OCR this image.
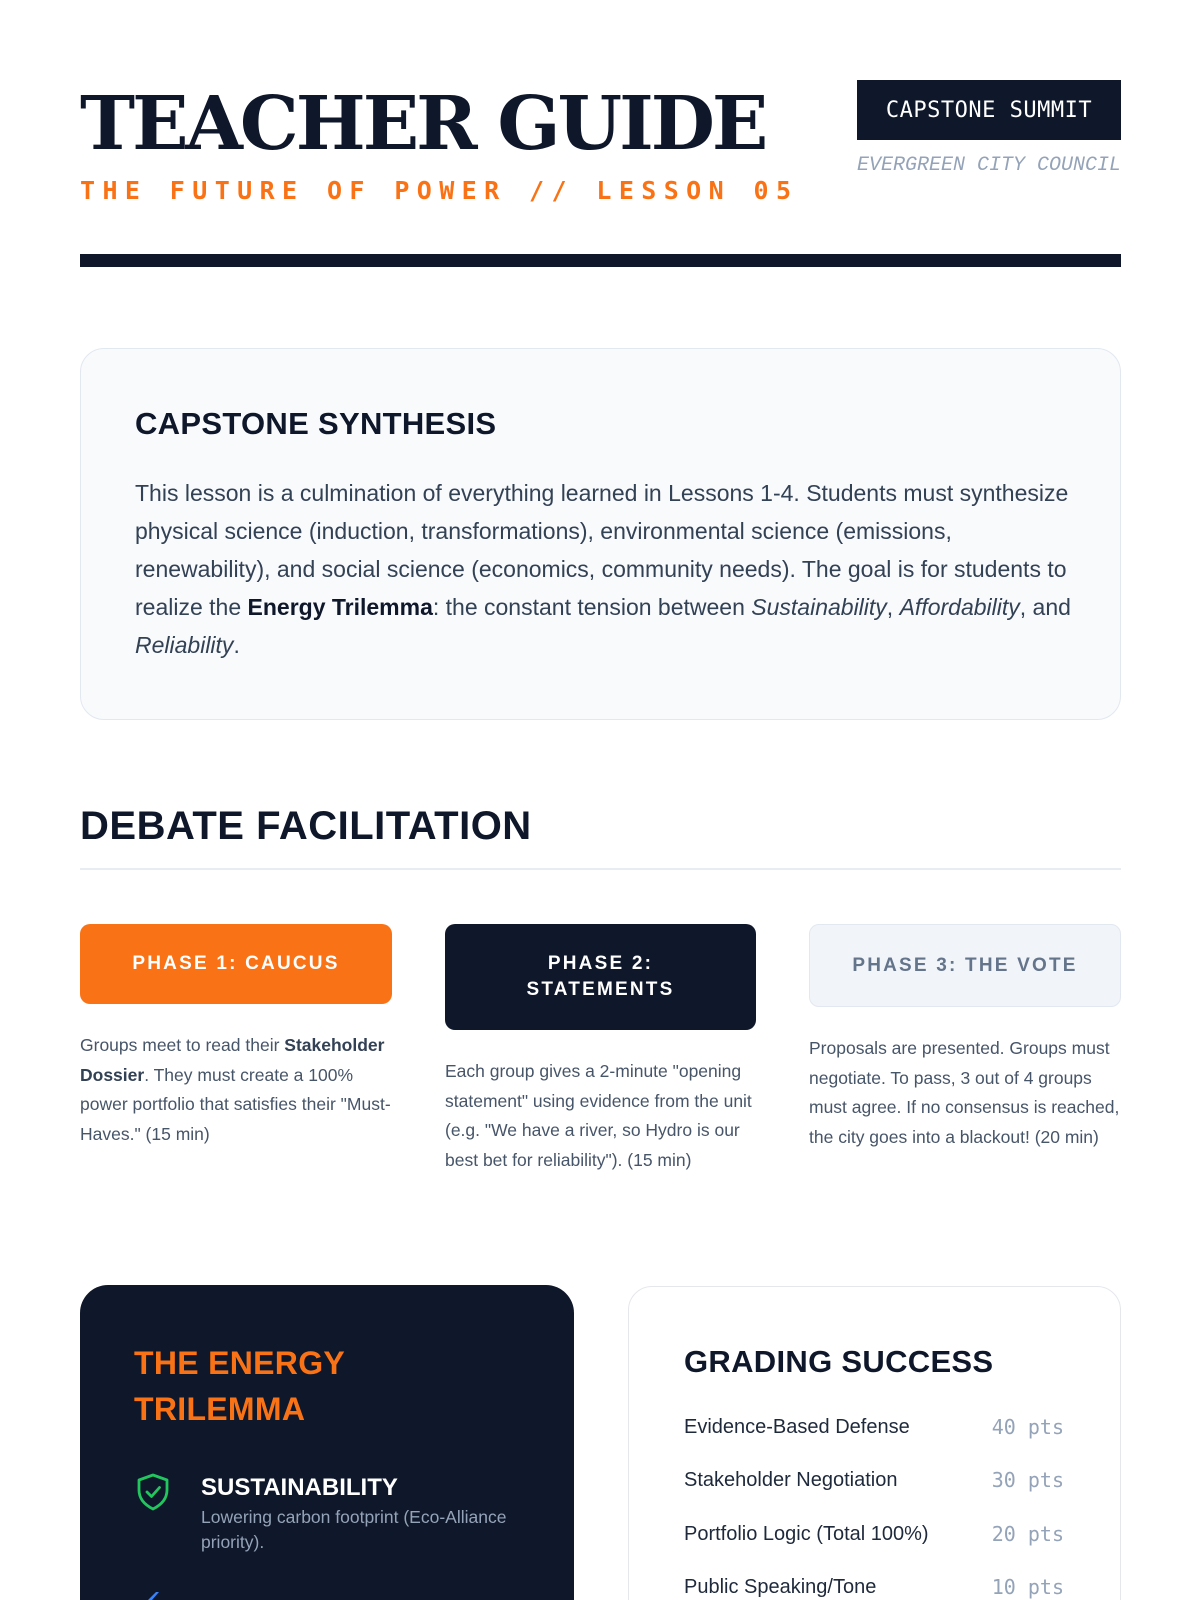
TEACHER GUIDE
THE FUTURE OF POWER // LESSON 05
CAPSTONE SUMMIT
EVERGREEN CITY COUNCIL
CAPSTONE SYNTHESIS

This lesson is a culmination of everything learned in Lessons 1-4. Students must synthesize physical science (induction, transformations), environmental science (emissions, renewability), and social science (economics, community needs). The goal is for students to realize the Energy Trilemma: the constant tension between Sustainability, Affordability, and Reliability.

DEBATE FACILITATION
PHASE 1: CAUCUS	PHASE 2: STATEMENTS
PHASE 3: THE VOTE

Groups meet to read their Stakeholder Dossier. They must create a 100% power portfolio that satisfies their "Must-Haves." (15 min)

Each group gives a 2-minute "opening statement" using evidence from the unit (e.g. "We have a river, so Hydro is our best bet for reliability"). (15 min)

Proposals are presented. Groups must negotiate. To pass, 3 out of 4 groups must agree. If no consensus is reached, the city goes into a blackout! (20 min)

THE ENERGY TRILEMMA
SUSTAINABILITY
Lowering carbon footprint (Eco-Alliance priority).
GRADING SUCCESS
Evidence-Based Defense	40 pts
Stakeholder Negotiation	30 pts
Portfolio Logic (Total 100%)	20 pts
Public Speaking/Tone	10 pts
